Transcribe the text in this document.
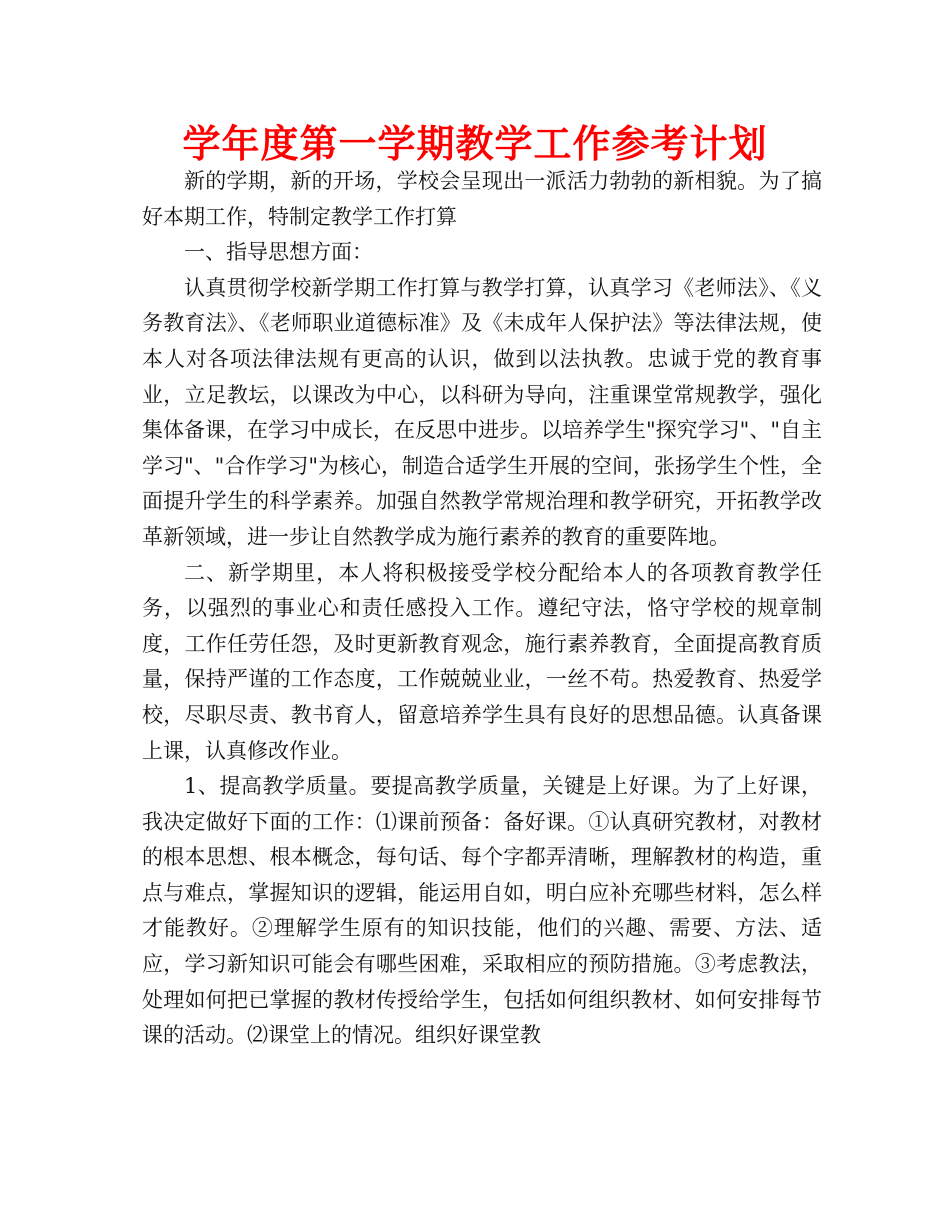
学年度第一学期教学工作参考计划

新的学期，新的开场，学校会呈现出一派活力勃勃的新相貌。为了搞好本期工作，特制定教学工作打算

一、指导思想方面：

认真贯彻学校新学期工作打算与教学打算，认真学习《老师法》、《义务教育法》、《老师职业道德标准》及《未成年人保护法》等法律法规，使本人对各项法律法规有更高的认识，做到以法执教。忠诚于党的教育事业，立足教坛，以课改为中心，以科研为导向，注重课堂常规教学，强化集体备课，在学习中成长，在反思中进步。以培养学生"探究学习"、"自主学习"、"合作学习"为核心，制造合适学生开展的空间，张扬学生个性，全面提升学生的科学素养。加强自然教学常规治理和教学研究，开拓教学改革新领域，进一步让自然教学成为施行素养的教育的重要阵地。

二、新学期里，本人将积极接受学校分配给本人的各项教育教学任务，以强烈的事业心和责任感投入工作。遵纪守法，恪守学校的规章制度，工作任劳任怨，及时更新教育观念，施行素养教育，全面提高教育质量，保持严谨的工作态度，工作兢兢业业，一丝不苟。热爱教育、热爱学校，尽职尽责、教书育人，留意培养学生具有良好的思想品德。认真备课上课，认真修改作业。

1、提高教学质量。要提高教学质量，关键是上好课。为了上好课，我决定做好下面的工作：⑴课前预备：备好课。①认真研究教材，对教材的根本思想、根本概念，每句话、每个字都弄清晰，理解教材的构造，重点与难点，掌握知识的逻辑，能运用自如，明白应补充哪些材料，怎么样才能教好。②理解学生原有的知识技能，他们的兴趣、需要、方法、适应，学习新知识可能会有哪些困难，采取相应的预防措施。③考虑教法，处理如何把已掌握的教材传授给学生，包括如何组织教材、如何安排每节课的活动。⑵课堂上的情况。组织好课堂教
